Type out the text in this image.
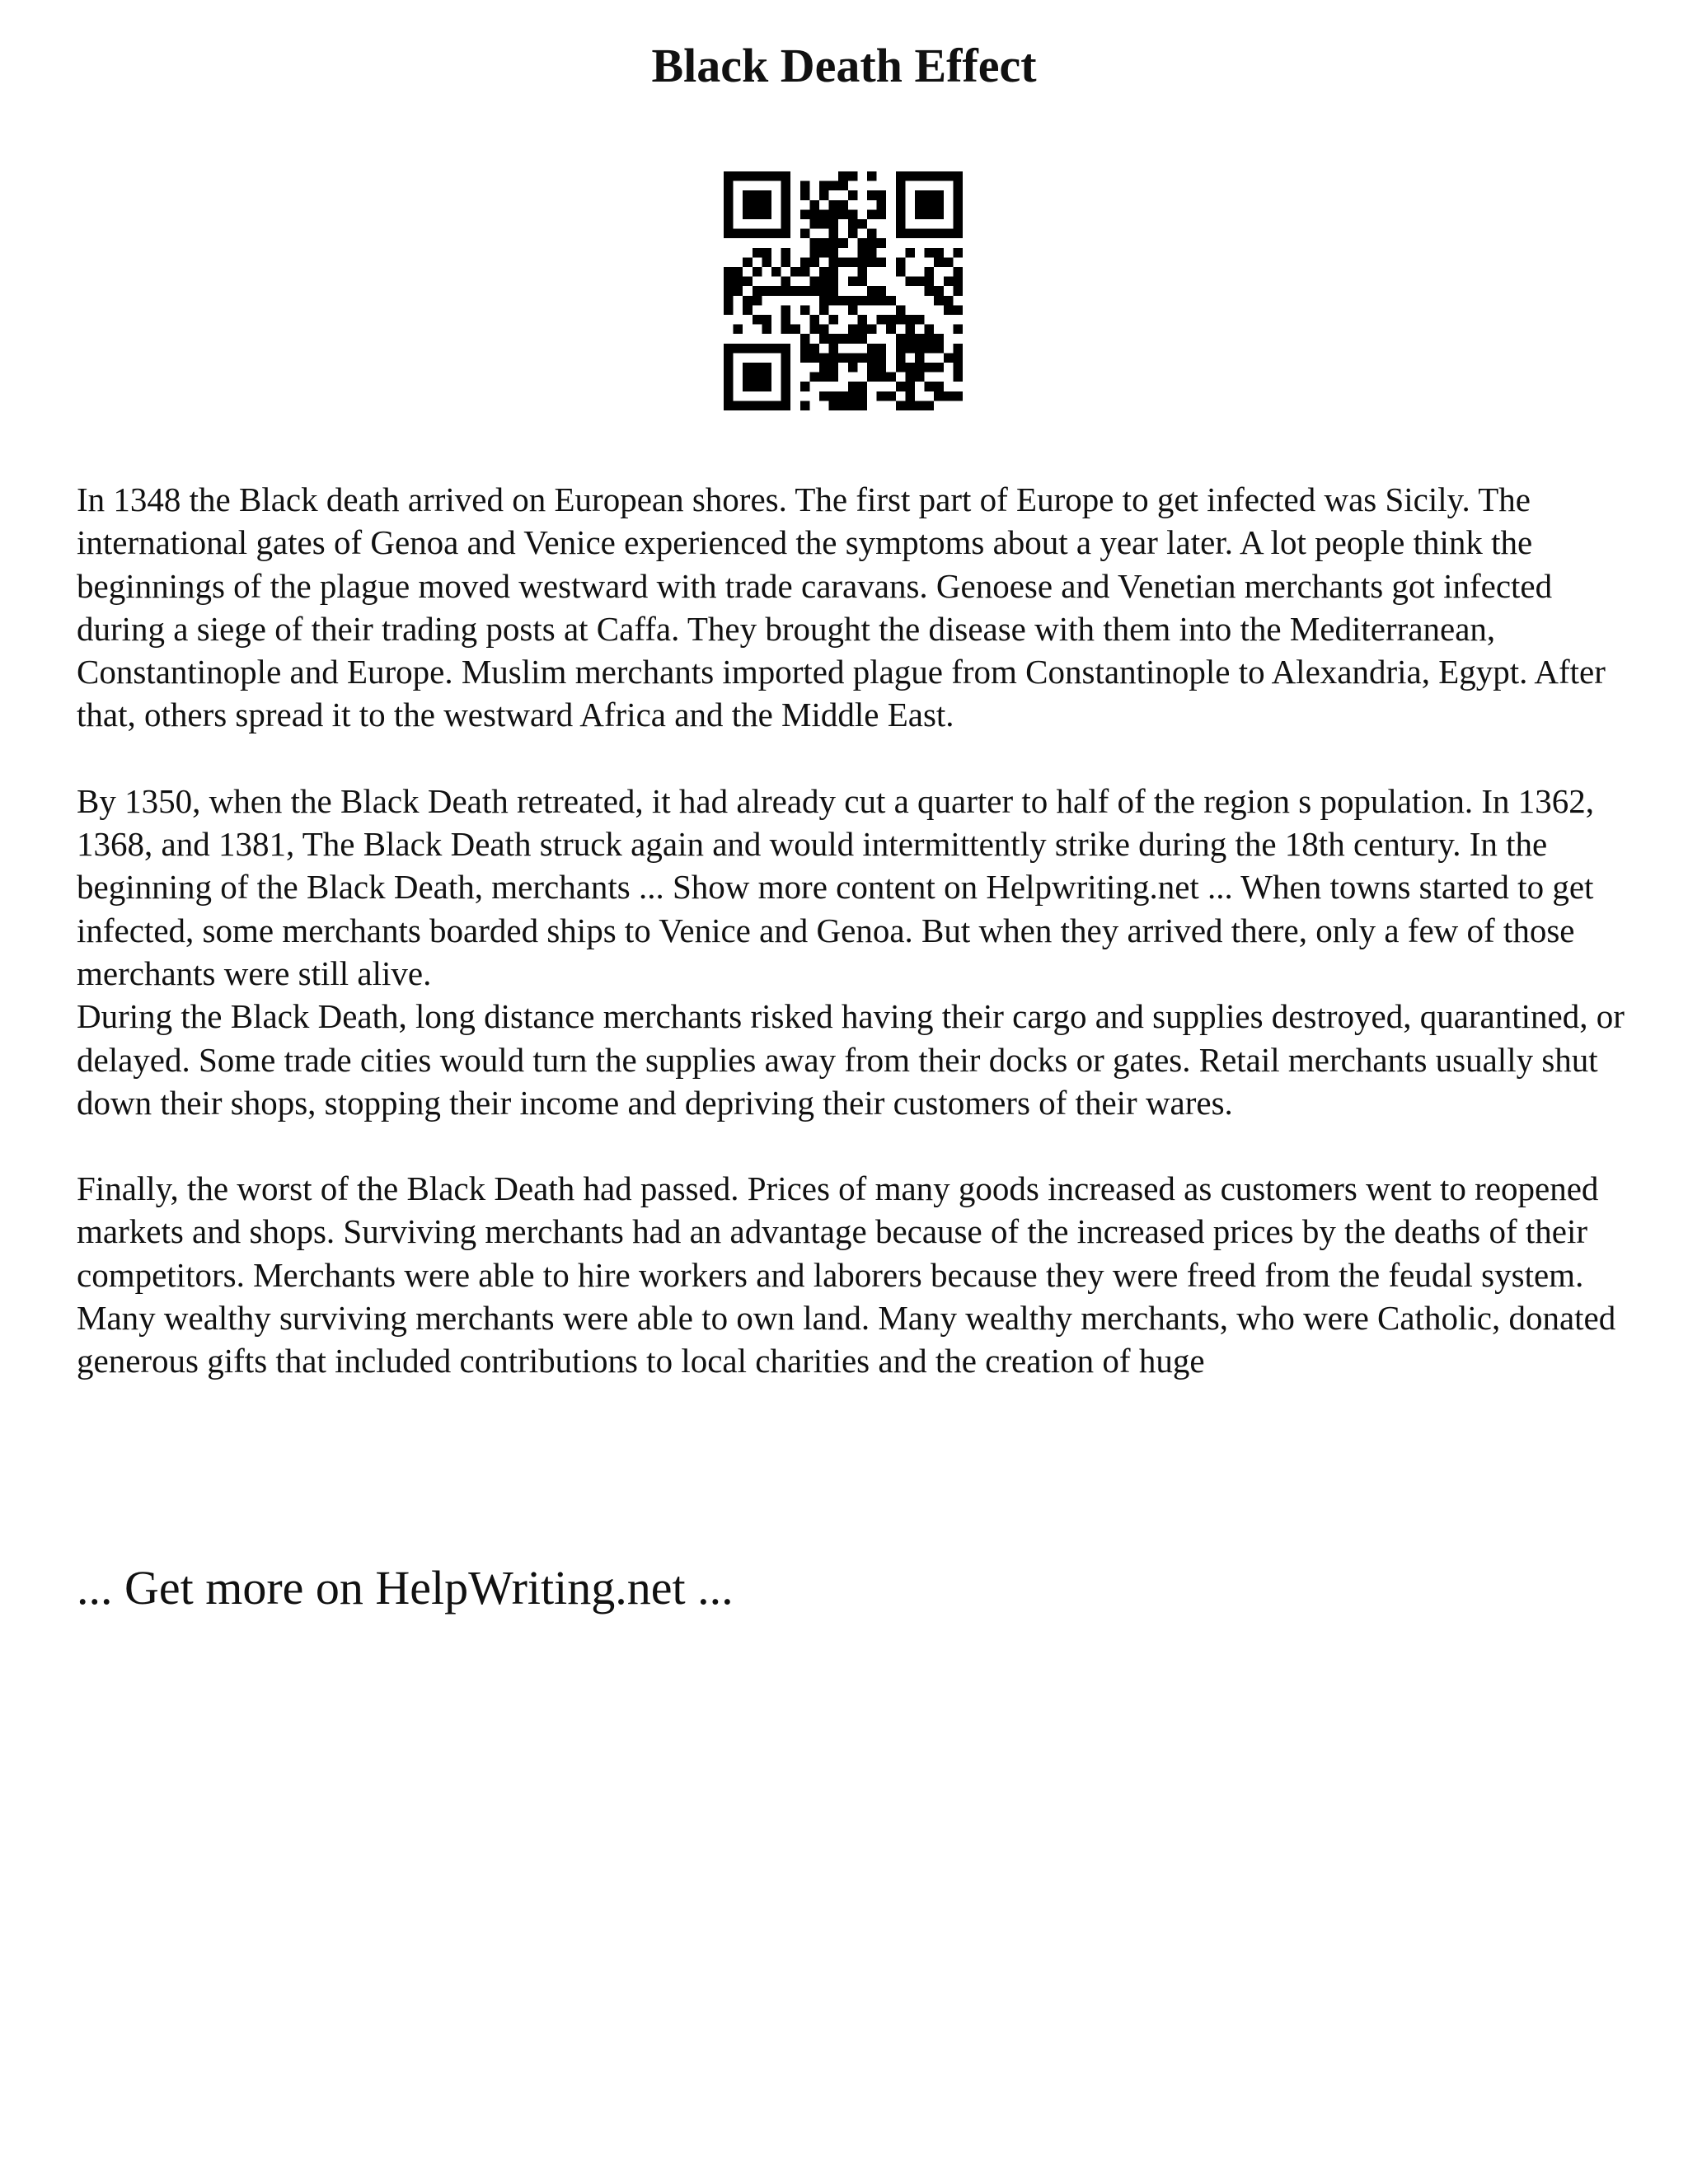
Black Death Effect

In 1348 the Black death arrived on European shores. The first part of Europe to get infected was Sicily. The international gates of Genoa and Venice experienced the symptoms about a year later. A lot people think the beginnings of the plague moved westward with trade caravans. Genoese and Venetian merchants got infected during a siege of their trading posts at Caffa. They brought the disease with them into the Mediterranean, Constantinople and Europe. Muslim merchants imported plague from Constantinople to Alexandria, Egypt. After that, others spread it to the westward Africa and the Middle East.

By 1350, when the Black Death retreated, it had already cut a quarter to half of the region s population. In 1362, 1368, and 1381, The Black Death struck again and would intermittently strike during the 18th century. In the beginning of the Black Death, merchants ... Show more content on Helpwriting.net ... When towns started to get infected, some merchants boarded ships to Venice and Genoa. But when they arrived there, only a few of those merchants were still alive.

During the Black Death, long distance merchants risked having their cargo and supplies destroyed, quarantined, or delayed. Some trade cities would turn the supplies away from their docks or gates. Retail merchants usually shut down their shops, stopping their income and depriving their customers of their wares.

Finally, the worst of the Black Death had passed. Prices of many goods increased as customers went to reopened markets and shops. Surviving merchants had an advantage because of the increased prices by the deaths of their competitors. Merchants were able to hire workers and laborers because they were freed from the feudal system. Many wealthy surviving merchants were able to own land. Many wealthy merchants, who were Catholic, donated generous gifts that included contributions to local charities and the creation of huge

... Get more on HelpWriting.net ...
